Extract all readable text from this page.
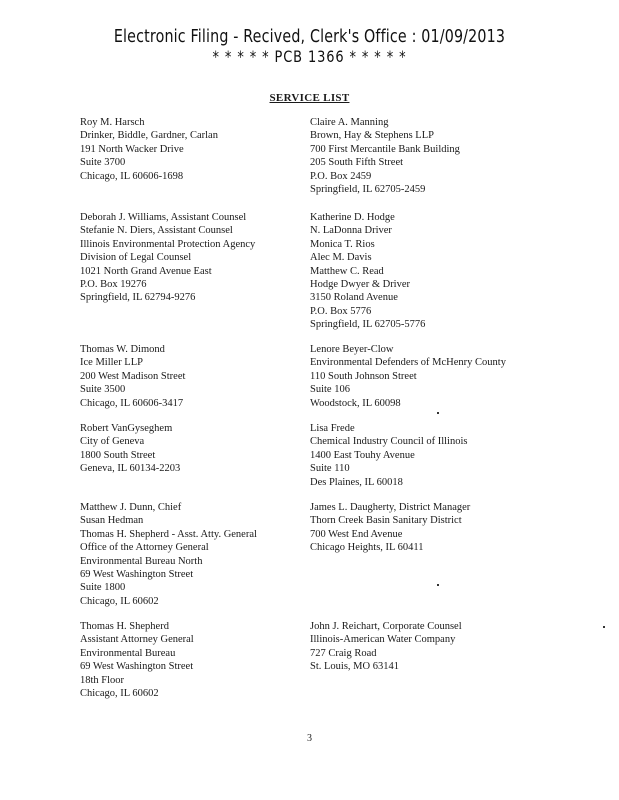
Electronic Filing - Recived, Clerk's Office : 01/09/2013
* * * * * PCB 1366 * * * * *
SERVICE LIST
3
Roy M. Harsch
Drinker, Biddle, Gardner, Carlan
191 North Wacker Drive
Suite 3700
Chicago, IL 60606-1698
Deborah J. Williams, Assistant Counsel
Stefanie N. Diers, Assistant Counsel
Illinois Environmental Protection Agency
Division of Legal Counsel
1021 North Grand Avenue East
P.O. Box 19276
Springfield, IL 62794-9276
Thomas W. Dimond
Ice Miller LLP
200 West Madison Street
Suite 3500
Chicago, IL 60606-3417
Robert VanGyseghem
City of Geneva
1800 South Street
Geneva, IL 60134-2203
Matthew J. Dunn, Chief
Susan Hedman
Thomas H. Shepherd - Asst. Atty. General
Office of the Attorney General
Environmental Bureau North
69 West Washington Street
Suite 1800
Chicago, IL 60602
Thomas H. Shepherd
Assistant Attorney General
Environmental Bureau
69 West Washington Street
18th Floor
Chicago, IL 60602
Claire A. Manning
Brown, Hay & Stephens LLP
700 First Mercantile Bank Building
205 South Fifth Street
P.O. Box 2459
Springfield, IL 62705-2459
Katherine D. Hodge
N. LaDonna Driver
Monica T. Rios
Alec M. Davis
Matthew C. Read
Hodge Dwyer & Driver
3150 Roland Avenue
P.O. Box 5776
Springfield, IL 62705-5776
Lenore Beyer-Clow
Environmental Defenders of McHenry County
110 South Johnson Street
Suite 106
Woodstock, IL 60098
Lisa Frede
Chemical Industry Council of Illinois
1400 East Touhy Avenue
Suite 110
Des Plaines, IL 60018
James L. Daugherty, District Manager
Thorn Creek Basin Sanitary District
700 West End Avenue
Chicago Heights, IL 60411
John J. Reichart, Corporate Counsel
Illinois-American Water Company
727 Craig Road
St. Louis, MO 63141
